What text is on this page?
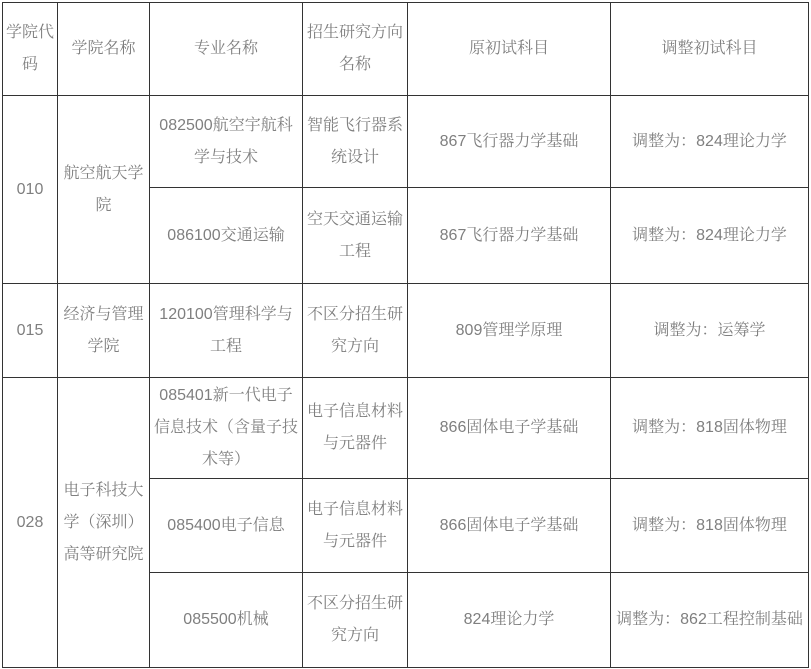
学院代码	学院名称	专业名称	招生研究方向名称	原初试科目	调整初试科目
010	航空航天学院	082500航空宇航科学与技术	智能飞行器系统设计	867飞行器力学基础	调整为：824理论力学
		086100交通运输	空天交通运输工程	867飞行器力学基础	调整为：824理论力学
015	经济与管理学院	120100管理科学与工程	不区分招生研究方向	809管理学原理	调整为：运筹学
028	电子科技大学（深圳）高等研究院	085401新一代电子信息技术（含量子技术等）	电子信息材料与元器件	866固体电子学基础	调整为：818固体物理
		085400电子信息	电子信息材料与元器件	866固体电子学基础	调整为：818固体物理
		085500机械	不区分招生研究方向	824理论力学	调整为：862工程控制基础
